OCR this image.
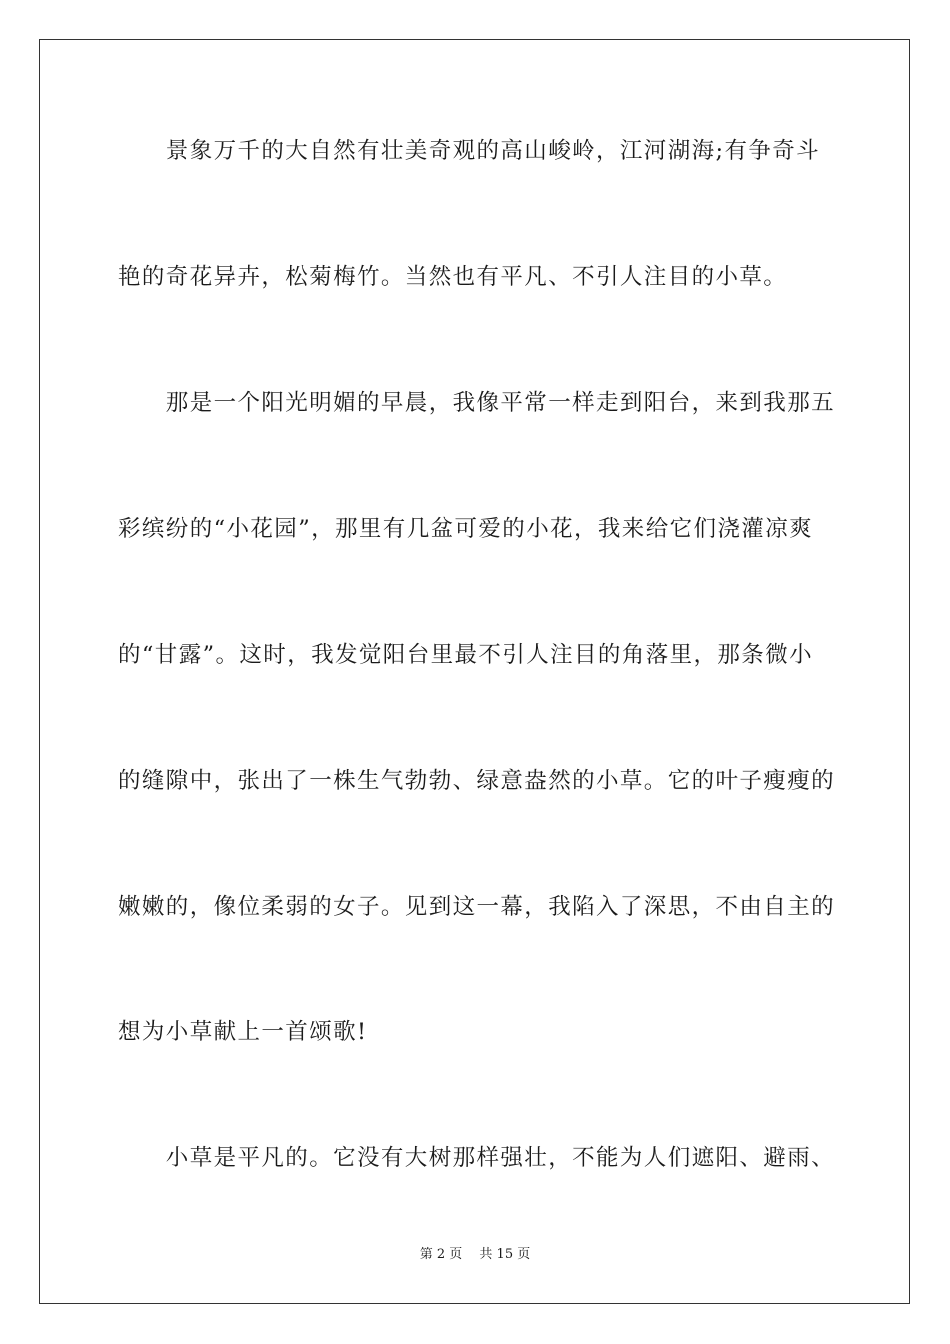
　　景象万千的大自然有壮美奇观的高山峻岭，江河湖海;有争奇斗
艳的奇花异卉，松菊梅竹。当然也有平凡、不引人注目的小草。
　　那是一个阳光明媚的早晨，我像平常一样走到阳台，来到我那五
彩缤纷的“小花园”，那里有几盆可爱的小花，我来给它们浇灌凉爽
的“甘露”。这时，我发觉阳台里最不引人注目的角落里，那条微小
的缝隙中，张出了一株生气勃勃、绿意盎然的小草。它的叶子瘦瘦的
嫩嫩的，像位柔弱的女子。见到这一幕，我陷入了深思，不由自主的
想为小草献上一首颂歌!
　　小草是平凡的。它没有大树那样强壮，不能为人们遮阳、避雨、
第 2 页　 共 15 页
